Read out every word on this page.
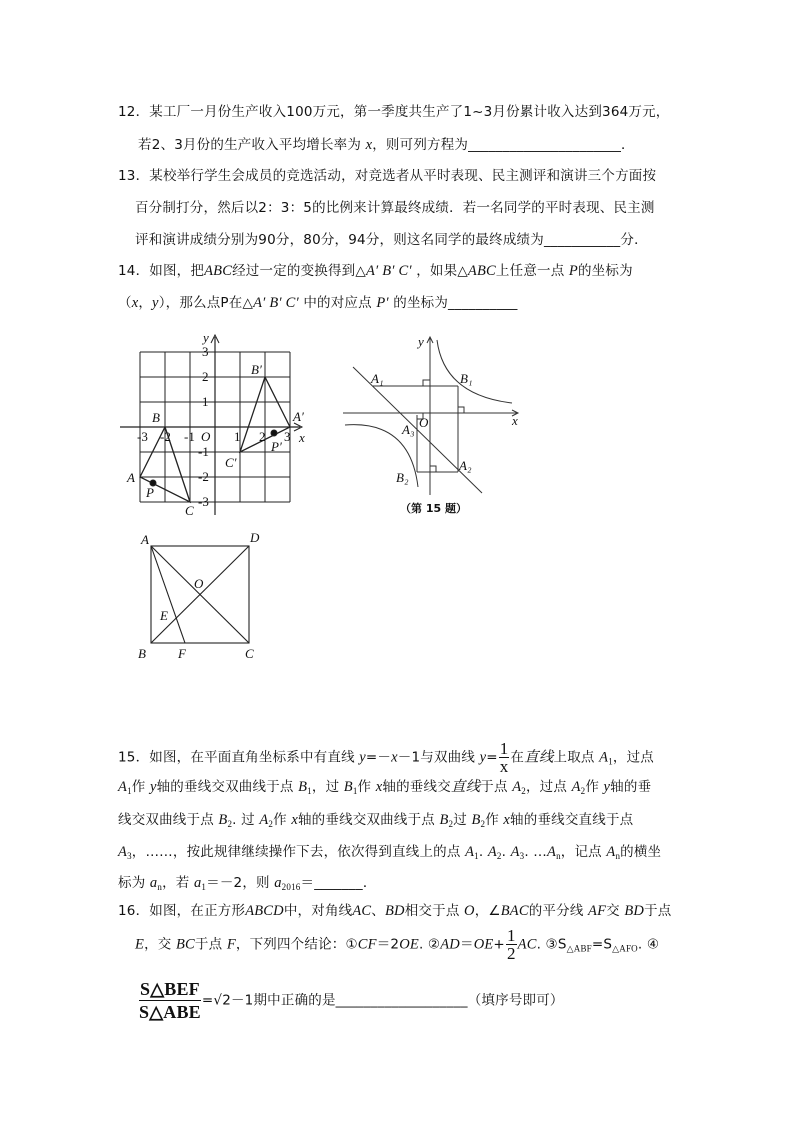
12．某工厂一月份生产收入100万元，第一季度共生产了1~3月份累计收入达到364万元，
若2、3月份的生产收入平均增长率为 x，则可列方程为______________________．
13．某校举行学生会成员的竞选活动，对竞选者从平时表现、民主测评和演讲三个方面按
百分制打分，然后以2：3：5的比例来计算最终成绩．若一名同学的平时表现、民主测
评和演讲成绩分别为90分，80分，94分，则这名同学的最终成绩为___________分．
14．如图，把ABC经过一定的变换得到△A′ B′ C′ ，如果△ABC上任意一点 P的坐标为
（x，y），那么点P在△A′ B′ C′ 中的对应点 P′ 的坐标为__________
15．如图，在平面直角坐标系中有直线 y=－x－1与双曲线 $y= \frac{1}{x}$ 在直线上取点 $A_1$，过点
$A_1$作 y轴的垂线交双曲线于点 $B_1$，过 $B_1$作 x轴的垂线交直线于点 $A_2$，过点 $A_2$作 y轴的垂
线交双曲线于点 $B_2$. 过 $A_2$作 x轴的垂线交双曲线于点 $B_2$过 $B_2$作 x轴的垂线交直线于点
$A_3$，……，按此规律继续操作下去，依次得到直线上的点 $A_1$. $A_2$. $A_3$. $\dots A_n$，记点 $A_n$的横坐
标为 $a_n$，若 $a_1=-2$，则 $a_{2016}=\_\_\_\_\_\_\_$．
16．如图，在正方形ABCD中，对角线AC、BD相交于点 O，∠BAC的平分线 AF交 BD于点
E，交 BC于点 F，下列四个结论：①CF＝2OE. ②AD＝OE+ $\frac{1}{2}$ AC. $③S_{\triangle ABF}=S_{\triangle AFO}$. ④
$\frac{\text{S△BEF}}{\text{S△ABE}} =√2-1$期中正确的是___________________（填序号即可）
-3 -2 -1	1 2 3
3
2
1
-1
-2
-3
O	x
y
A
B
C
P
A′
B′
C′
P′
x
y
O
A₁	B₁
A₂
B₂
A₃
（第 15 题）
A	D
B	C
F
O
E
